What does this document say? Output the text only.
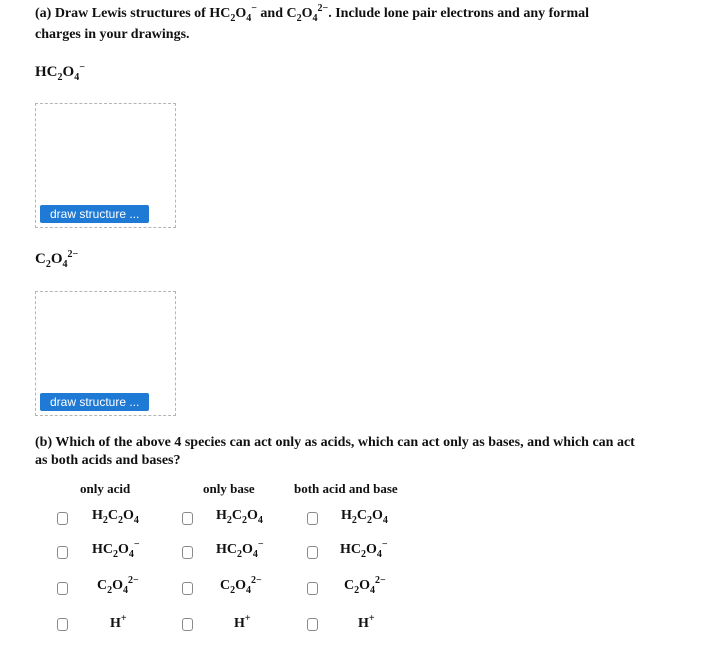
(a) Draw Lewis structures of $HC_2O_4^-$ and $C_2O_4^{2-}$. Include lone pair electrons and any formal
charges in your drawings.
$HC_2O_4^-$
draw structure ...
$C_2O_4^{2-}$
draw structure ...
(b) Which of the above 4 species can act only as acids, which can act only as bases, and which can act
as both acids and bases?
only acid	only base	both acid and base
$H_2C_2O_4$
$HC_2O_4^-$
$C_2O_4^{2-}$
H+
$H_2C_2O_4$
$HC_2O_4^-$
$C_2O_4^{2-}$
H+
$H_2C_2O_4$
$HC_2O_4^-$
$C_2O_4^{2-}$
H+
